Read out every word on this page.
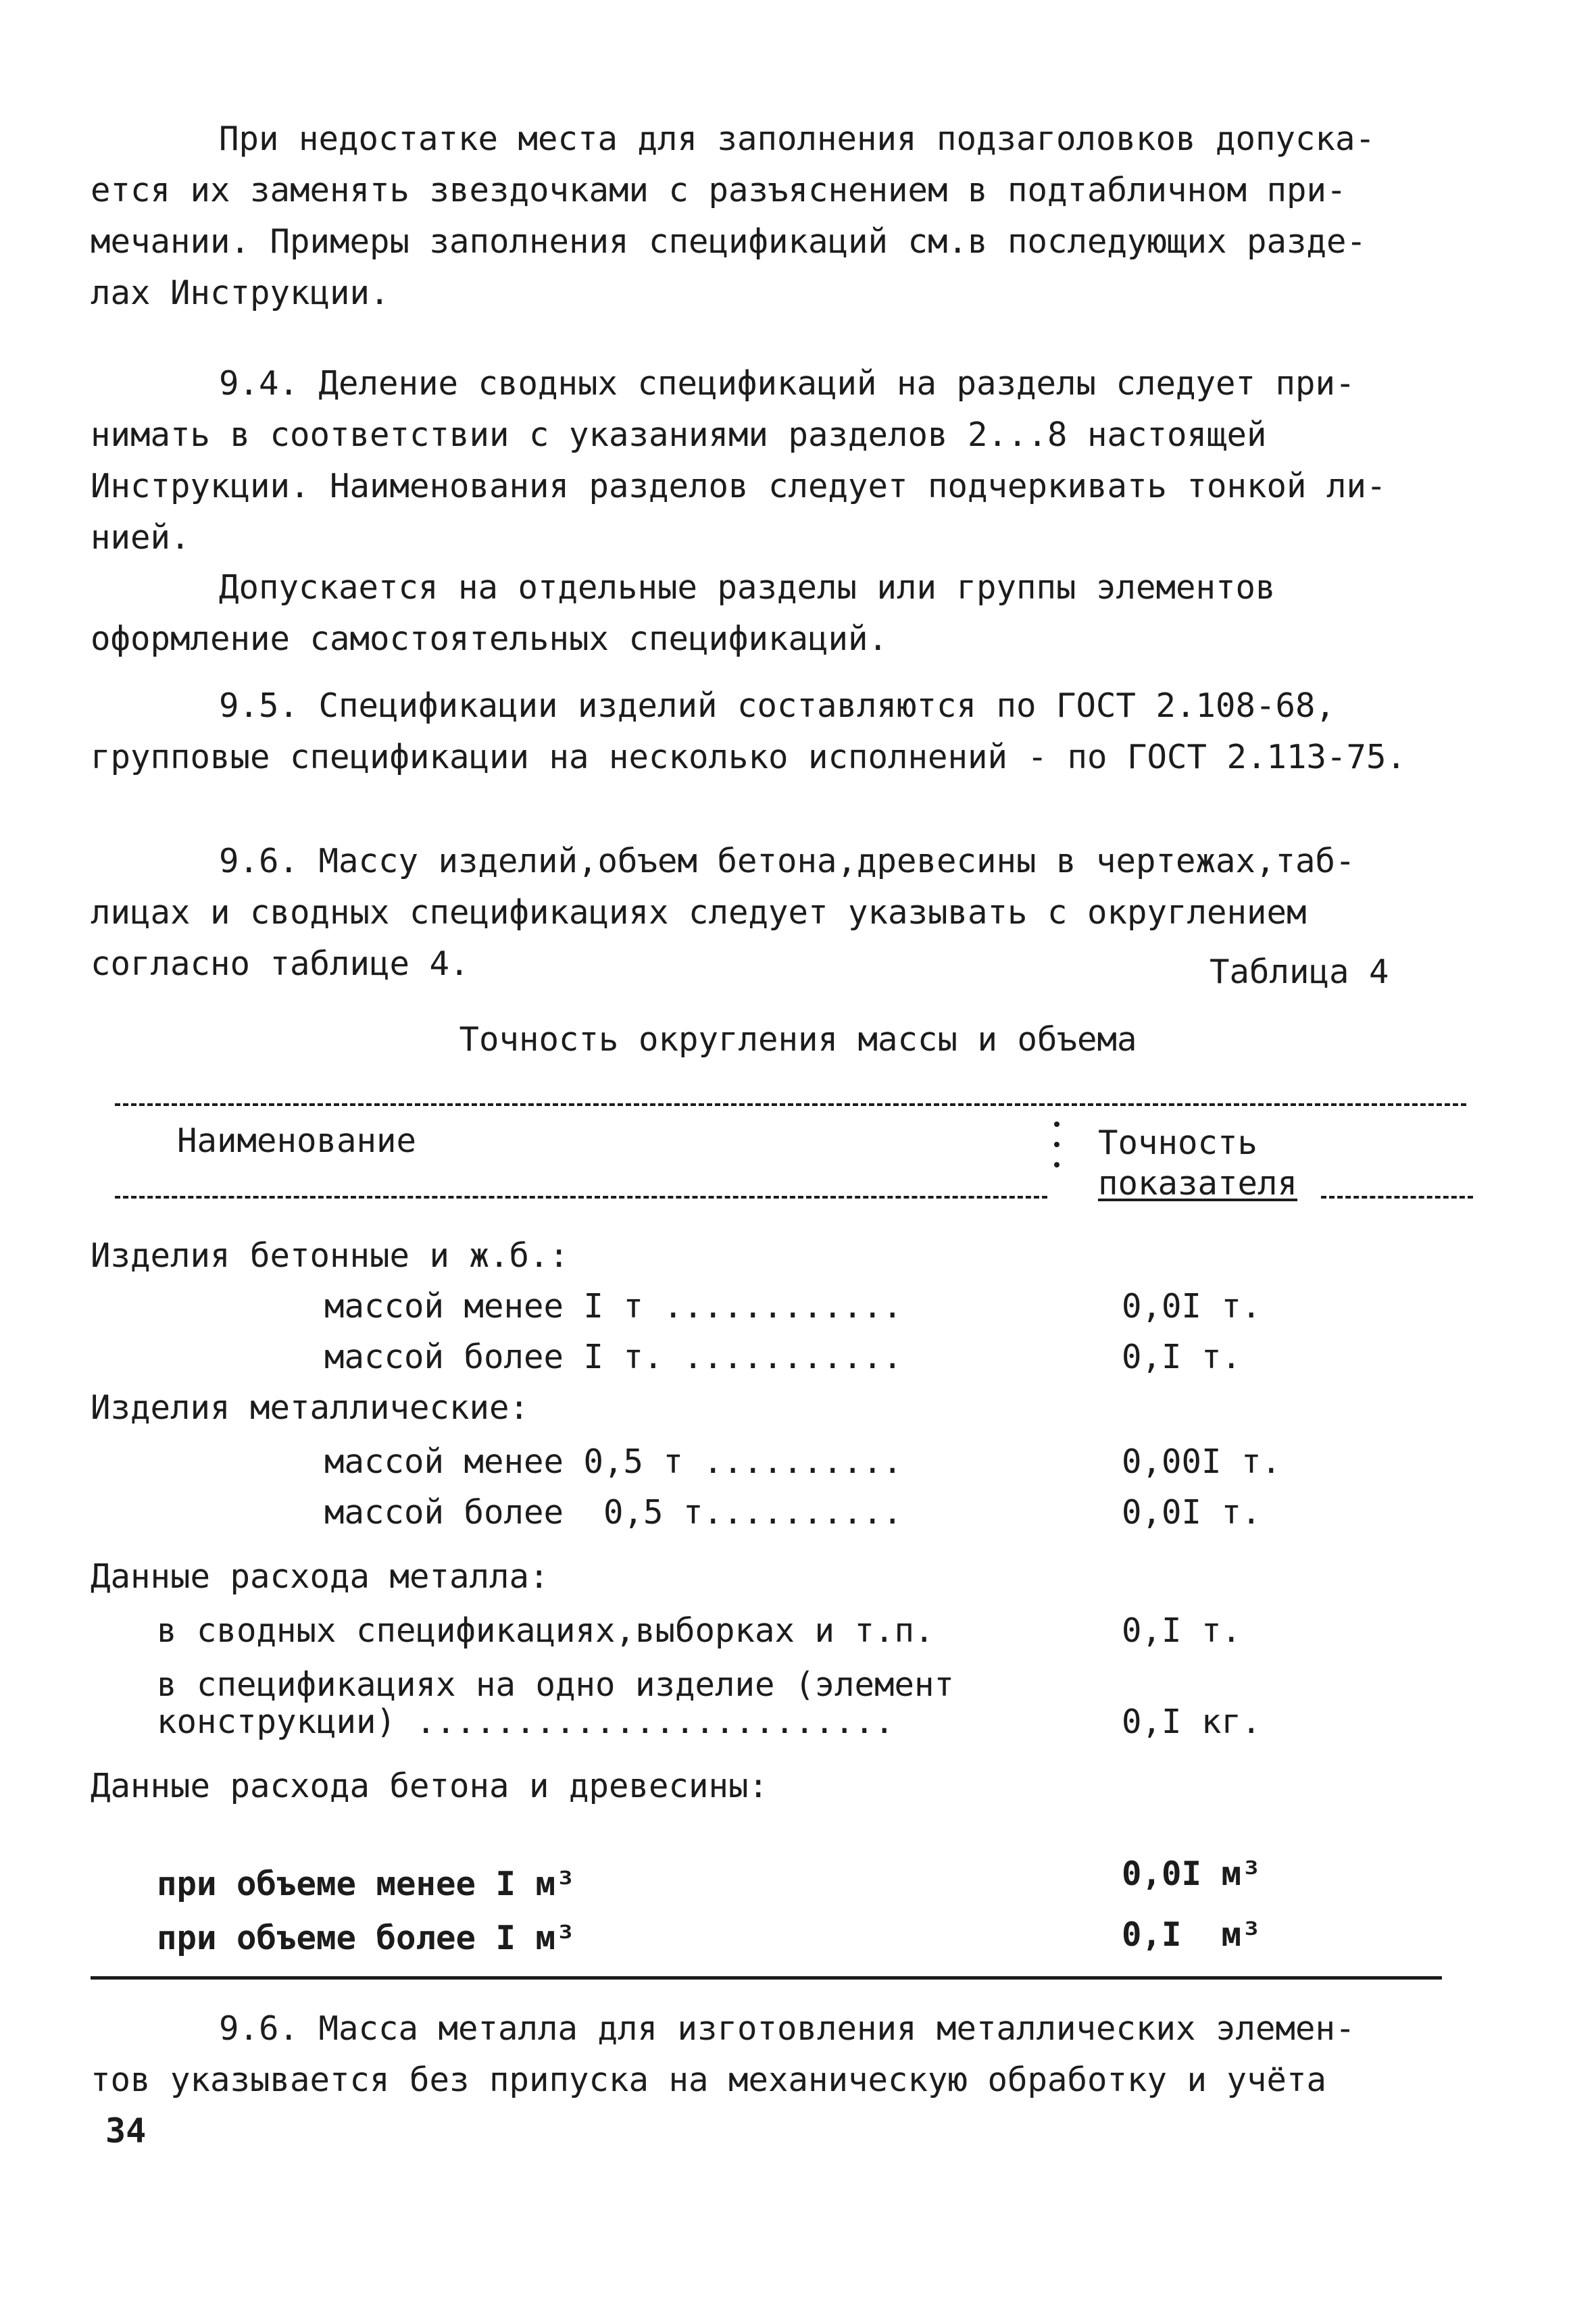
При недостатке места для заполнения подзаголовков допуска-
ется их заменять звездочками с разъяснением в подтабличном при-
мечании. Примеры заполнения спецификаций см.в последующих разде-
лах Инструкции.
9.4. Деление сводных спецификаций на разделы следует при-
нимать в соответствии с указаниями разделов 2...8 настоящей
Инструкции. Наименования разделов следует подчеркивать тонкой ли-
нией.
Допускается на отдельные разделы или группы элементов
оформление самостоятельных спецификаций.
9.5. Спецификации изделий составляются по ГОСТ 2.108-68,
групповые спецификации на несколько исполнений - по ГОСТ 2.113-75.
9.6. Массу изделий,объем бетона,древесины в чертежах,таб-
лицах и сводных спецификациях следует указывать с округлением
согласно таблице 4.	Таблица 4
Точность округления массы и объема
Наименование	Точность
показателя
Изделия бетонные и ж.б.:
массой менее I т ............	0,0I т.
массой более I т. ...........	0,I т.
Изделия металлические:
массой менее 0,5 т ..........	0,00I т.
массой более  0,5 т..........	0,0I т.
Данные расхода металла:
в сводных спецификациях,выборках и т.п.	0,I т.
в спецификациях на одно изделие (элемент
конструкции) ........................	0,I кг.
Данные расхода бетона и древесины:
при объеме менее I м³	0,0I м³
при объеме более I м³	0,I  м³
9.6. Масса металла для изготовления металлических элемен-
тов указывается без припуска на механическую обработку и учёта
34
